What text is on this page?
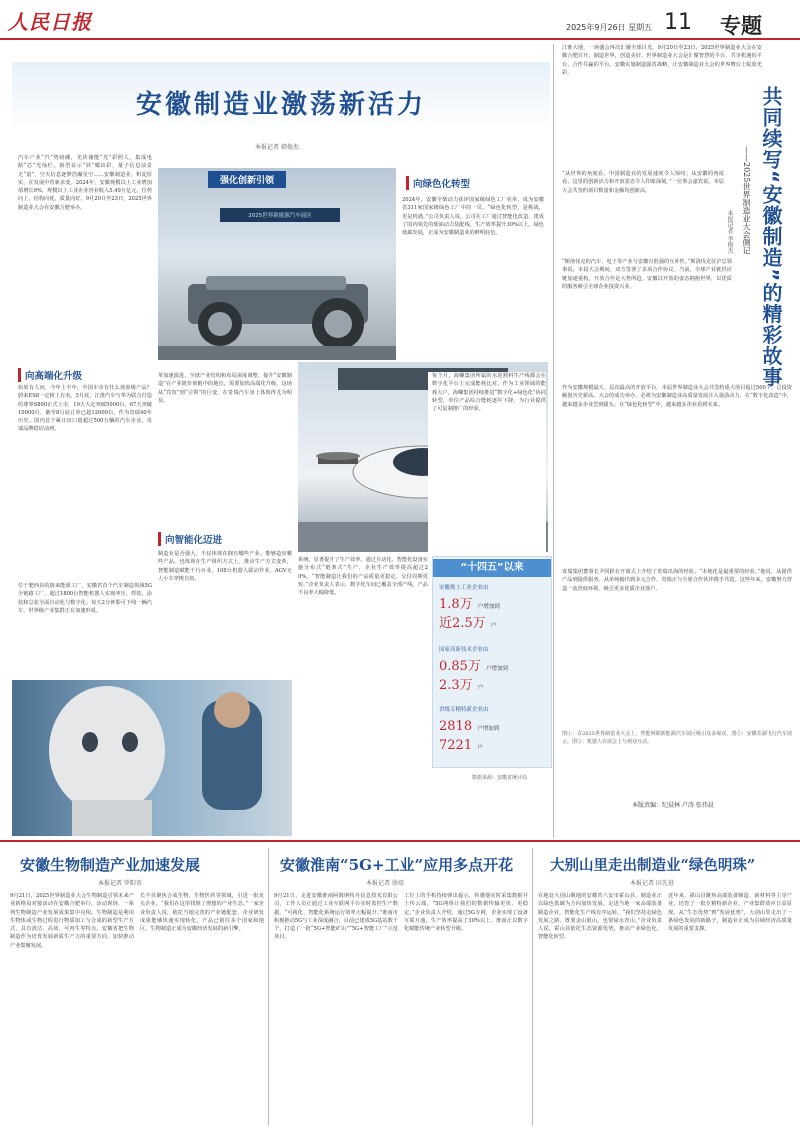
人民日报	2025年9月26日 星期五 11 专题
安徽制造业激荡新活力
本报记者 韩俊杰
汽车产业“汽”势磅礴，光伏储能“光”彩照人，集成电路“芯”光灿烂，新型显示“屏”耀出彩，量子信息前景无“量”，空天信息逐梦浩瀚星空……安徽制造业，积淀厚实，在发展中育新求变。2024年，安徽规模以上工业增加值增长9%，规模以上工业企业营业收入5.49万亿元，位势向上，结构向优，质量向好。9月20日至23日，2025世界制造业大会在安徽合肥举办。
强化创新引领
2025世界新能源汽车展区
向高端化升级
如果有人问，今年上半年，中国车市有什么现象级产品？蔚来ES8一定榜上有名。5月底，江淮汽车与华为联合打造的尊界S800正式上市，19天大定突破5000台，67天突破10000台，截至8月底订单已超12000台。作为奇瑞40年历史、国内首个累计出口量超过500万辆的汽车企业，奇瑞品牌稳居前列。
位于肥西县的蔚来能源工厂，安徽省首个汽车制造领域5G全链路工厂，超过1800台智能机器人实现冲压、焊装、涂装和总装全面自动化与数字化；每天2分钟即可下线一辆汽车。世界级产业集群正在加速形成。
革加速演进，全球产业结构和布局深度调整。提升“安徽制造”在产业链价值链中的地位，需要加快高端化升级。这场从“宾馆”到“引领”的巨变，在奇瑞汽车身上体现得尤为明显。
向智能化迈进
制造业是否强大，不仅体现在拥有哪些产业、能够造出哪些产品，也体现在生产组织方式上。推动生产方式变革，智能制造赋能千行百业。108台机器人联动作业，AGV无人小车穿梭自如。
系统，显著提升了生产效率。通过自动化、智能化设备实施分布式“链条式”生产，企业生产效率提高超过20%。“智能制造让我们的产品质量更稳定、交付周期更短。”企业负责人表示，数字化车间已覆盖全部产线，产品不良率大幅降低。
向绿色化转型
2024年，安徽全柴动力获评国家级绿色工厂名单，成为安徽省311家国家级绿色工厂中的一员。“绿色化转型，是挑战，更是机遇。”公司负责人说，公司在工厂通过智能化改造，建成了国内领先的柴油动力装配线，生产效率提升30%以上。绿色低碳发展，正成为安徽制造业的鲜明底色。
每个月，海螺集团所属的水泥熟料生产线都会在数字化平台上完成能耗比对。作为工业领域的能耗大户，海螺集团持续推进“数字化+绿色化”协同转型，单位产品综合能耗逐年下降，为行业提供了可复制推广的经验。
“十四五”以来
安徽规上工业企业由
1.8万 户增加到
近2.5万 户
国家高新技术企业由
0.85万 户增加到
2.3万 户
省级专精特新企业由
2818 户增加到
7221 户
数据来源：安徽省统计局
江淮大地，一场盛会再次汇聚全球目光。9月20日至23日，2025世界制造业大会在安徽合肥召开。制造世界，创造美好。世界制造业大会是汇聚智慧的平台、共享机遇的平台、合作共赢的平台。安徽实施制造强省战略，让安徽制造业大会的世界舞台上绽放光彩。
“从世界的角度看，中国制造业的发展速度令人惊叹；从安徽的角度看，这里的创新活力和开放姿态令人印象深刻。”一位参会嘉宾说。本届大会共签约项目数量和金额均创新高。
“斯洛伐克的汽车、电子等产业与安徽有很强的互补性。”斯洛伐克驻沪总领事说，本届大会期间，双方签署了多项合作协议。当前，全球产业链供应链加速重构，开放合作是大势所趋。安徽以开放的姿态拥抱世界，以优质的服务吸引全球企业投资兴业。	共同续写“安徽制造”的精彩故事
——2025世界制造业大会侧记
本报记者 李俊杰
作为安徽规模最大、层次最高的开放平台，本届世界制造业大会共签约重大项目超过500个，总投资额创历史新高。大会的成功举办，必将为安徽制造业高质量发展注入强劲动力。在“数字化改造”中，越来越多企业尝到甜头；在“绿色化转型”中，越来越多企业看到未来。
奇瑞集团董事长尹同跃在开幕式上介绍了奇瑞出海的经验。“本地化是最重要的经验。”他说，从提供产品到提供服务，从单纯输出到多元合作，奇瑞正与全球合作伙伴携手共进。这些年来，安徽努力营造一流营商环境，吸引更多优质企业落户。
图①：在2025世界制造业大会上，智能网联新能源汽车展区吸引众多观众。图②：安徽芜湖飞行汽车展示。图③：机器人在展会上与观众互动。
本版责编：纪晨林 卢涛 张伟晨
安徽生物制造产业加速发展
本报记者 罗阳奇
9月21日，2025世界制造业大会生物制造引领未来产业新格局对接活动在安徽合肥举行。活动现场，一系列生物制造产业发展成果集中亮相。生物制造是利用生物体或生物过程进行物质加工与合成的新型生产方式，具有清洁、高效、可再生等特点。安徽省把生物制造作为培育发展新质生产力的重要方向，加快推动产业集聚发展。
长丰县聚焦合成生物、生物医药等领域，引进一批龙头企业。“我们在这里找到了理想的产业生态。”一家企业负责人说，依托当地完善的产业链配套，企业研发成果能够快速实现转化，产品已销往多个国家和地区。生物制造正成为安徽经济发展的新引擎。
安徽淮南“5G+工业”应用多点开花
本报记者 徐靖
9月21日，走进安徽淮南阿姆斯特丹信息技术有限公司，工作人员正通过工业互联网平台实时监控生产数据。“可视化、智能化系统运行效率大幅提升。”淮南市积极推动5G与工业深度融合，目前已建成5G基站数千个，打造了一批“5G+智能矿山”“5G+智能工厂”示范项目。
工位上的手机持续弹出提示，传感器实时采集数据并上传云端。“5G网络让我们的数据传输更快、更稳定。”企业负责人介绍，通过5G专网，企业实现了设备互联互通，生产效率提高了30%以上。淮南正以数字化赋能传统产业转型升级。
大别山里走出制造业“绿色明珠”
本报记者 田先进
在地处大别山腹地的安徽省六安市霍山县，制造业正以绿色低碳为方向加快发展。走进当地一家高端装备制造企业，智能化生产线有序运转。“我们坚持走绿色发展之路，既要金山银山，也要绿水青山。”企业负责人说。霍山县依托生态资源优势，推动产业绿色化、智能化转型。
近年来，霍山县聚焦高端装备制造、新材料等主导产业，培育了一批专精特新企业，产业集群效应日益显现。从“生态优势”到“发展优势”，大别山里走出了一条绿色发展的新路子，制造业正成为县域经济高质量发展的重要支撑。
